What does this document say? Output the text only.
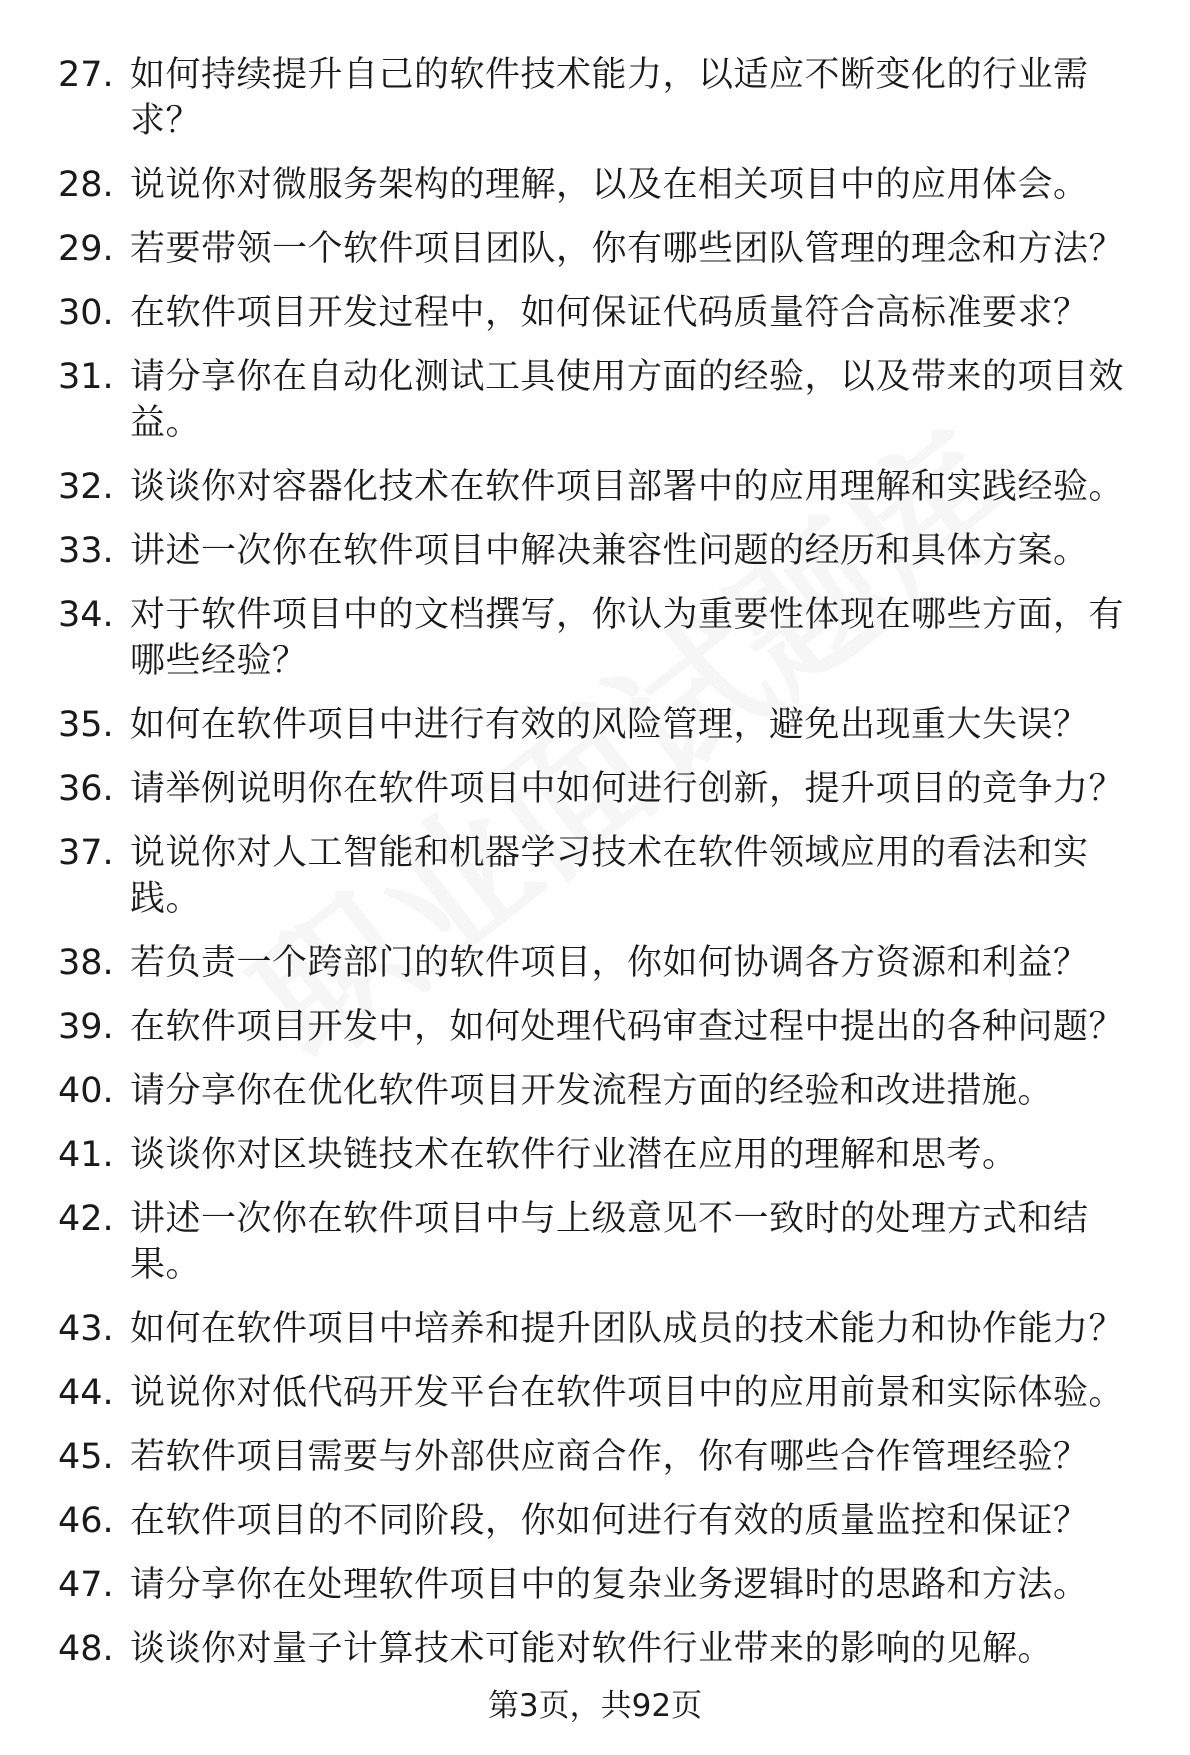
27. 如何持续提升自己的软件技术能力，以适应不断变化的行业需求？
28. 说说你对微服务架构的理解，以及在相关项目中的应用体会。
29. 若要带领一个软件项目团队，你有哪些团队管理的理念和方法？
30. 在软件项目开发过程中，如何保证代码质量符合高标准要求？
31. 请分享你在自动化测试工具使用方面的经验，以及带来的项目效益。
32. 谈谈你对容器化技术在软件项目部署中的应用理解和实践经验。
33. 讲述一次你在软件项目中解决兼容性问题的经历和具体方案。
34. 对于软件项目中的文档撰写，你认为重要性体现在哪些方面，有哪些经验？
35. 如何在软件项目中进行有效的风险管理，避免出现重大失误？
36. 请举例说明你在软件项目中如何进行创新，提升项目的竞争力？
37. 说说你对人工智能和机器学习技术在软件领域应用的看法和实践。
38. 若负责一个跨部门的软件项目，你如何协调各方资源和利益？
39. 在软件项目开发中，如何处理代码审查过程中提出的各种问题？
40. 请分享你在优化软件项目开发流程方面的经验和改进措施。
41. 谈谈你对区块链技术在软件行业潜在应用的理解和思考。
42. 讲述一次你在软件项目中与上级意见不一致时的处理方式和结果。
43. 如何在软件项目中培养和提升团队成员的技术能力和协作能力？
44. 说说你对低代码开发平台在软件项目中的应用前景和实际体验。
45. 若软件项目需要与外部供应商合作，你有哪些合作管理经验？
46. 在软件项目的不同阶段，你如何进行有效的质量监控和保证？
47. 请分享你在处理软件项目中的复杂业务逻辑时的思路和方法。
48. 谈谈你对量子计算技术可能对软件行业带来的影响的见解。
第3页，共92页
